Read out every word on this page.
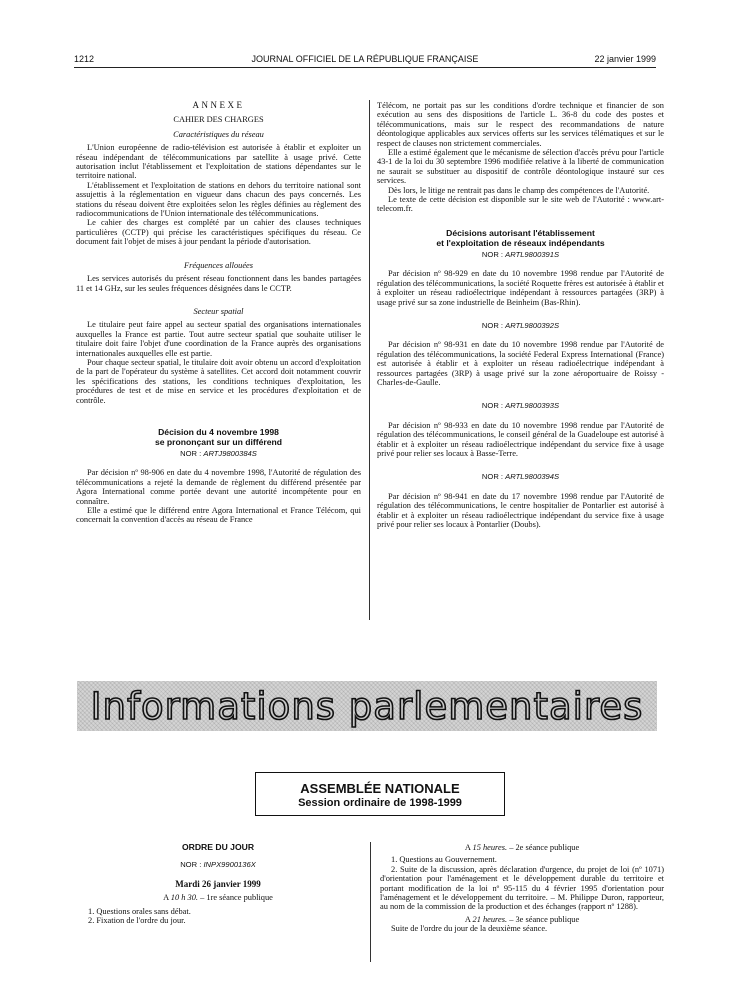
1212	JOURNAL OFFICIEL DE LA RÉPUBLIQUE FRANÇAISE	22 janvier 1999

ANNEXE

CAHIER DES CHARGES

Caractéristiques du réseau

L'Union européenne de radio-télévision est autorisée à établir et exploiter un réseau indépendant de télécommunications par satellite à usage privé. Cette autorisation inclut l'établissement et l'exploitation de stations dépendantes sur le territoire national.

L'établissement et l'exploitation de stations en dehors du territoire national sont assujettis à la réglementation en vigueur dans chacun des pays concernés. Les stations du réseau doivent être exploitées selon les règles définies au règlement des radiocommunications de l'Union internationale des télécommunications.

Le cahier des charges est complété par un cahier des clauses techniques particulières (CCTP) qui précise les caractéristiques spécifiques du réseau. Ce document fait l'objet de mises à jour pendant la période d'autorisation.

Fréquences allouées

Les services autorisés du présent réseau fonctionnent dans les bandes partagées 11 et 14 GHz, sur les seules fréquences désignées dans le CCTP.

Secteur spatial

Le titulaire peut faire appel au secteur spatial des organisations internationales auxquelles la France est partie. Tout autre secteur spatial que souhaite utiliser le titulaire doit faire l'objet d'une coordination de la France auprès des organisations internationales auxquelles elle est partie.

Pour chaque secteur spatial, le titulaire doit avoir obtenu un accord d'exploitation de la part de l'opérateur du système à satellites. Cet accord doit notamment couvrir les spécifications des stations, les conditions techniques d'exploitation, les procédures de test et de mise en service et les procédures d'exploitation et de contrôle.

Décision du 4 novembre 1998

se prononçant sur un différend

NOR : ARTJ9800384S

Par décision nº 98-906 en date du 4 novembre 1998, l'Autorité de régulation des télécommunications a rejeté la demande de règlement du différend présentée par Agora International comme portée devant une autorité incompétente pour en connaître.

Elle a estimé que le différend entre Agora International et France Télécom, qui concernait la convention d'accès au réseau de France

Télécom, ne portait pas sur les conditions d'ordre technique et financier de son exécution au sens des dispositions de l'article L. 36-8 du code des postes et télécommunications, mais sur le respect des recommandations de nature déontologique applicables aux services offerts sur les services télématiques et sur le respect de clauses non strictement commerciales.

Elle a estimé également que le mécanisme de sélection d'accès prévu pour l'article 43-1 de la loi du 30 septembre 1996 modifiée relative à la liberté de communication ne saurait se substituer au dispositif de contrôle déontologique instauré sur ces services.

Dès lors, le litige ne rentrait pas dans le champ des compétences de l'Autorité.

Le texte de cette décision est disponible sur le site web de l'Autorité : www.art-telecom.fr.

Décisions autorisant l'établissement

et l'exploitation de réseaux indépendants

NOR : ARTL9800391S

Par décision nº 98-929 en date du 10 novembre 1998 rendue par l'Autorité de régulation des télécommunications, la société Roquette frères est autorisée à établir et à exploiter un réseau radioélectrique indépendant à ressources partagées (3RP) à usage privé sur sa zone industrielle de Beinheim (Bas-Rhin).

NOR : ARTL9800392S

Par décision nº 98-931 en date du 10 novembre 1998 rendue par l'Autorité de régulation des télécommunications, la société Federal Express International (France) est autorisée à établir et à exploiter un réseau radioélectrique indépendant à ressources partagées (3RP) à usage privé sur la zone aéroportuaire de Roissy - Charles-de-Gaulle.

NOR : ARTL9800393S

Par décision nº 98-933 en date du 10 novembre 1998 rendue par l'Autorité de régulation des télécommunications, le conseil général de la Guadeloupe est autorisé à établir et à exploiter un réseau radioélectrique indépendant du service fixe à usage privé pour relier ses locaux à Basse-Terre.

NOR : ARTL9800394S

Par décision nº 98-941 en date du 17 novembre 1998 rendue par l'Autorité de régulation des télécommunications, le centre hospitalier de Pontarlier est autorisé à établir et à exploiter un réseau radioélectrique indépendant du service fixe à usage privé pour relier ses locaux à Pontarlier (Doubs).

Informations parlementaires
ASSEMBLÉE NATIONALE
Session ordinaire de 1998-1999

ORDRE DU JOUR

NOR : INPX9900136X

Mardi 26 janvier 1999

A 10 h 30. – 1re séance publique

1. Questions orales sans débat.

2. Fixation de l'ordre du jour.

A 15 heures. – 2e séance publique

1. Questions au Gouvernement.

2. Suite de la discussion, après déclaration d'urgence, du projet de loi (nº 1071) d'orientation pour l'aménagement et le développement durable du territoire et portant modification de la loi nº 95-115 du 4 février 1995 d'orientation pour l'aménagement et le développement du territoire. – M. Philippe Duron, rapporteur, au nom de la commission de la production et des échanges (rapport nº 1288).

A 21 heures. – 3e séance publique

Suite de l'ordre du jour de la deuxième séance.
